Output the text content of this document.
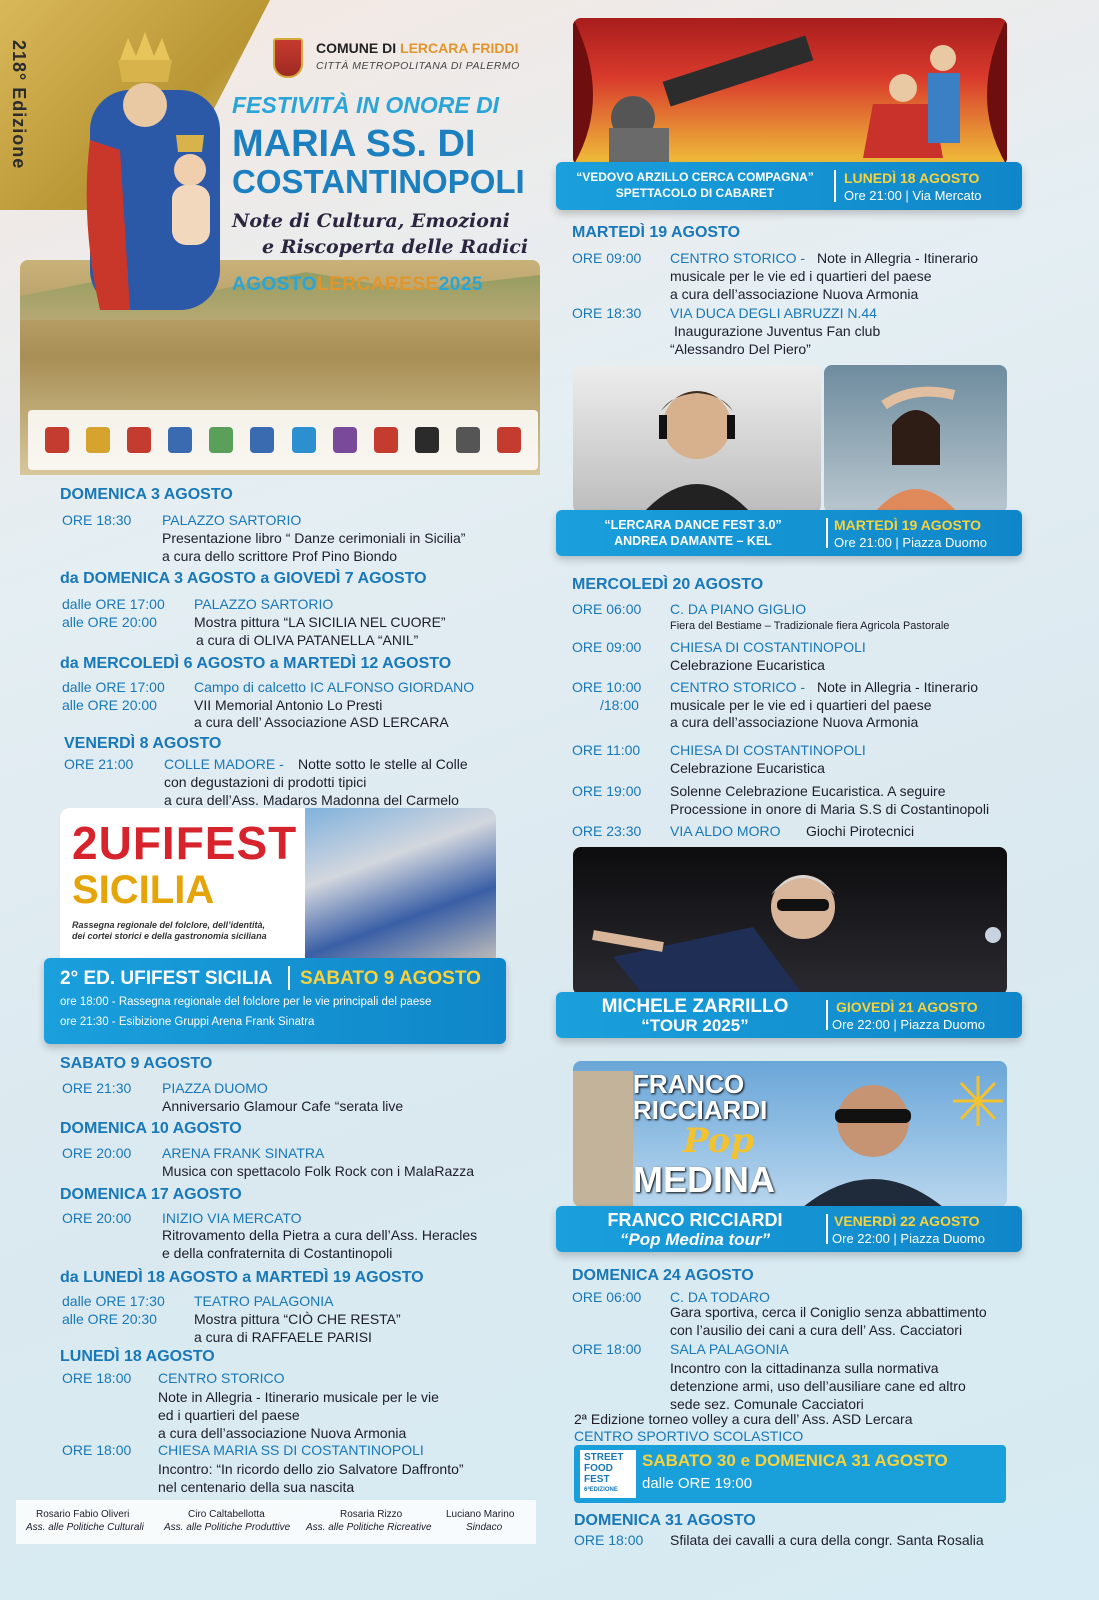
218° Edizione	COMUNE DI LERCARA FRIDDI
CITTÀ METROPOLITANA DI PALERMO
FESTIVITÀ IN ONORE DI
MARIA SS. DI
COSTANTINOPOLI
Note di Cultura, Emozioni
e Riscoperta delle Radici
AGOSTOLERCARESE2025
DOMENICA 3 AGOSTO
ORE 18:30 PALAZZO SARTORIO
Presentazione libro “ Danze cerimoniali in Sicilia”
a cura dello scrittore Prof Pino Biondo
da DOMENICA 3 AGOSTO a GIOVEDÌ 7 AGOSTO
dalle ORE 17:00
alle ORE 20:00
PALAZZO SARTORIO
Mostra pittura “LA SICILIA NEL CUORE”
a cura di OLIVA PATANELLA “ANIL”
da MERCOLEDÌ 6 AGOSTO a MARTEDÌ 12 AGOSTO
dalle ORE 17:00
alle ORE 20:00
Campo di calcetto IC ALFONSO GIORDANO
VII Memorial Antonio Lo Presti
a cura dell’ Associazione ASD LERCARA
VENERDÌ 8 AGOSTO
ORE 21:00 COLLE MADORE - Notte sotto le stelle al Colle
con degustazioni di prodotti tipici
a cura dell’Ass. Madaros Madonna del Carmelo
2UFIFEST
SICILIA
Rassegna regionale del folclore, dell’identità,
dei cortei storici e della gastronomia siciliana
2° ED. UFIFEST SICILIA SABATO 9 AGOSTO
ore 18:00 - Rassegna regionale del folclore per le vie principali del paese
ore 21:30 - Esibizione Gruppi Arena Frank Sinatra
SABATO 9 AGOSTO
ORE 21:30 PIAZZA DUOMO
Anniversario Glamour Cafe “serata live
DOMENICA 10 AGOSTO
ORE 20:00 ARENA FRANK SINATRA
Musica con spettacolo Folk Rock con i MalaRazza
DOMENICA 17 AGOSTO
ORE 20:00 INIZIO VIA MERCATO
Ritrovamento della Pietra a cura dell’Ass. Heracles
e della confraternita di Costantinopoli
da LUNEDÌ 18 AGOSTO a MARTEDÌ 19 AGOSTO
dalle ORE 17:30
alle ORE 20:30
TEATRO PALAGONIA
Mostra pittura “CIÒ CHE RESTA”
a cura di RAFFAELE PARISI
LUNEDÌ 18 AGOSTO
ORE 18:00 CENTRO STORICO
Note in Allegria - Itinerario musicale per le vie
ed i quartieri del paese
a cura dell’associazione Nuova Armonia
ORE 18:00 CHIESA MARIA SS DI COSTANTINOPOLI
Incontro: “In ricordo dello zio Salvatore Daffronto”
nel centenario della sua nascita
Rosario Fabio Oliveri
Ass. alle Politiche Culturali
Ciro Caltabellotta
Ass. alle Politiche Produttive
Rosaria Rizzo
Ass. alle Politiche Ricreative
Luciano Marino
Sindaco
“VEDOVO ARZILLO CERCA COMPAGNA”
SPETTACOLO DI CABARET
LUNEDÌ 18 AGOSTO
Ore 21:00 | Via Mercato
MARTEDÌ 19 AGOSTO
ORE 09:00 CENTRO STORICO - Note in Allegria - Itinerario
musicale per le vie ed i quartieri del paese
a cura dell’associazione Nuova Armonia
ORE 18:30 VIA DUCA DEGLI ABRUZZI N.44
Inaugurazione Juventus Fan club
“Alessandro Del Piero”
“LERCARA DANCE FEST 3.0”
ANDREA DAMANTE – KEL
MARTEDÌ 19 AGOSTO
Ore 21:00 | Piazza Duomo
MERCOLEDÌ 20 AGOSTO
ORE 06:00 C. DA PIANO GIGLIO
Fiera del Bestiame – Tradizionale fiera Agricola Pastorale
ORE 09:00 CHIESA DI COSTANTINOPOLI
Celebrazione Eucaristica
ORE 10:00
/18:00
CENTRO STORICO - Note in Allegria - Itinerario
musicale per le vie ed i quartieri del paese
a cura dell’associazione Nuova Armonia
ORE 11:00 CHIESA DI COSTANTINOPOLI
Celebrazione Eucaristica
ORE 19:00 Solenne Celebrazione Eucaristica. A seguire
Processione in onore di Maria S.S di Costantinopoli
ORE 23:30 VIA ALDO MORO Giochi Pirotecnici
MICHELE ZARRILLO
“TOUR 2025”
GIOVEDÌ 21 AGOSTO
Ore 22:00 | Piazza Duomo
FRANCO
RICCIARDI
Pop
MEDINA
FRANCO RICCIARDI
“Pop Medina tour”
VENERDÌ 22 AGOSTO
Ore 22:00 | Piazza Duomo
DOMENICA 24 AGOSTO
ORE 06:00 C. DA TODARO
Gara sportiva, cerca il Coniglio senza abbattimento
con l’ausilio dei cani a cura dell’ Ass. Cacciatori
ORE 18:00 SALA PALAGONIA
Incontro con la cittadinanza sulla normativa
detenzione armi, uso dell’ausiliare cane ed altro
sede sez. Comunale Cacciatori
2ª Edizione torneo volley a cura dell’ Ass. ASD Lercara
CENTRO SPORTIVO SCOLASTICO
STREET
FOOD
FEST
6ªEDIZIONE
SABATO 30 e DOMENICA 31 AGOSTO
dalle ORE 19:00
DOMENICA 31 AGOSTO
ORE 18:00 Sfilata dei cavalli a cura della congr. Santa Rosalia
